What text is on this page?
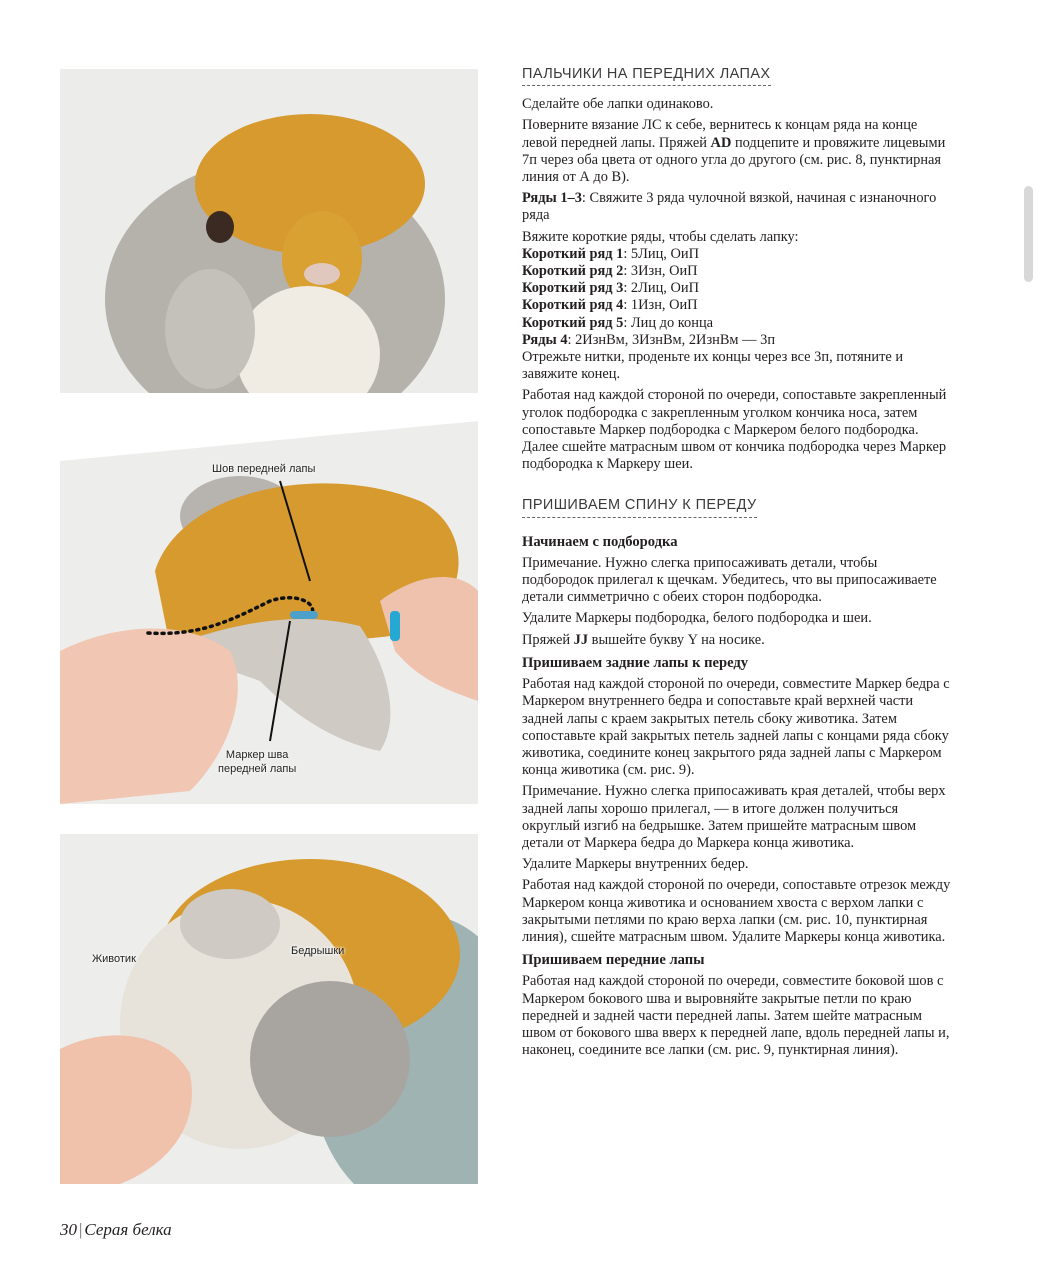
Шов передней лапы
Маркер шва
передней лапы
Животик
Бедрышки
ПАЛЬЧИКИ НА ПЕРЕДНИХ ЛАПАХ

Сделайте обе лапки одинаково.

Поверните вязание ЛС к себе, вернитесь к концам ряда на конце левой передней лапы. Пряжей AD подцепите и провяжите лицевыми 7п через оба цвета от одного угла до другого (см. рис. 8, пунктирная линия от А до В).

Ряды 1–3: Свяжите 3 ряда чулочной вязкой, начиная с изнаночного ряда

Вяжите короткие ряды, чтобы сделать лапку:

Короткий ряд 1: 5Лиц, ОиП

Короткий ряд 2: 3Изн, ОиП

Короткий ряд 3: 2Лиц, ОиП

Короткий ряд 4: 1Изн, ОиП

Короткий ряд 5: Лиц до конца

Ряды 4: 2ИзнВм, 3ИзнВм, 2ИзнВм — 3п

Отрежьте нитки, проденьте их концы через все 3п, потяните и завяжите конец.

Работая над каждой стороной по очереди, сопоставьте закрепленный уголок подбородка с закрепленным уголком кончика носа, затем сопоставьте Маркер подбородка с Маркером белого подбородка. Далее сшейте матрасным швом от кончика подбородка через Маркер подбородка к Маркеру шеи.

ПРИШИВАЕМ СПИНУ К ПЕРЕДУ
Начинаем с подбородка

Примечание. Нужно слегка припосаживать детали, чтобы подбородок прилегал к щечкам. Убедитесь, что вы припосаживаете детали симметрично с обеих сторон подбородка.

Удалите Маркеры подбородка, белого подбородка и шеи.

Пряжей JJ вышейте букву Y на носике.

Пришиваем задние лапы к переду

Работая над каждой стороной по очереди, совместите Маркер бедра с Маркером внутреннего бедра и сопоставьте край верхней части задней лапы с краем закрытых петель сбоку животика. Затем сопоставьте край закрытых петель задней лапы с концами ряда сбоку животика, соедините конец закрытого ряда задней лапы с Маркером конца животика (см. рис. 9).

Примечание. Нужно слегка припосаживать края деталей, чтобы верх задней лапы хорошо прилегал, — в итоге должен получиться округлый изгиб на бедрышке. Затем пришейте матрасным швом детали от Маркера бедра до Маркера конца животика.

Удалите Маркеры внутренних бедер.

Работая над каждой стороной по очереди, сопоставьте отрезок между Маркером конца животика и основанием хвоста с верхом лапки с закрытыми петлями по краю верха лапки (см. рис. 10, пунктирная линия), сшейте матрасным швом. Удалите Маркеры конца животика.

Пришиваем передние лапы

Работая над каждой стороной по очереди, совместите боковой шов с Маркером бокового шва и выровняйте закрытые петли по краю передней и задней части передней лапы. Затем шейте матрасным швом от бокового шва вверх к передней лапе, вдоль передней лапы и, наконец, соедините все лапки (см. рис. 9, пунктирная линия).

30 | Серая белка
